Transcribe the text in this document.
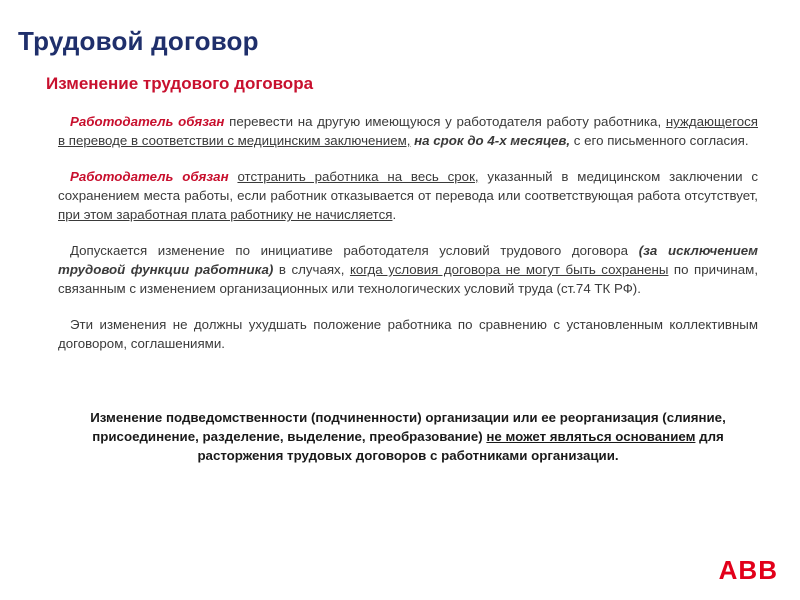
Трудовой договор
Изменение трудового договора

Работодатель обязан перевести на другую имеющуюся у работодателя работу работника, нуждающегося в переводе в соответствии с медицинским заключением, на срок до 4-х месяцев, с его письменного согласия.

Работодатель обязан отстранить работника на весь срок, указанный в медицинском заключении с сохранением места работы, если работник отказывается от перевода или соответствующая работа отсутствует, при этом заработная плата работнику не начисляется.

Допускается изменение по инициативе работодателя условий трудового договора (за исключением трудовой функции работника) в случаях, когда условия договора не могут быть сохранены по причинам, связанным с изменением организационных или технологических условий труда (ст.74 ТК РФ).

Эти изменения не должны ухудшать положение работника по сравнению с установленным коллективным договором, соглашениями.

Изменение подведомственности (подчиненности) организации или ее реорганизация (слияние, присоединение, разделение, выделение, преобразование) не может являться основанием для расторжения трудовых договоров с работниками организации.
ABB
